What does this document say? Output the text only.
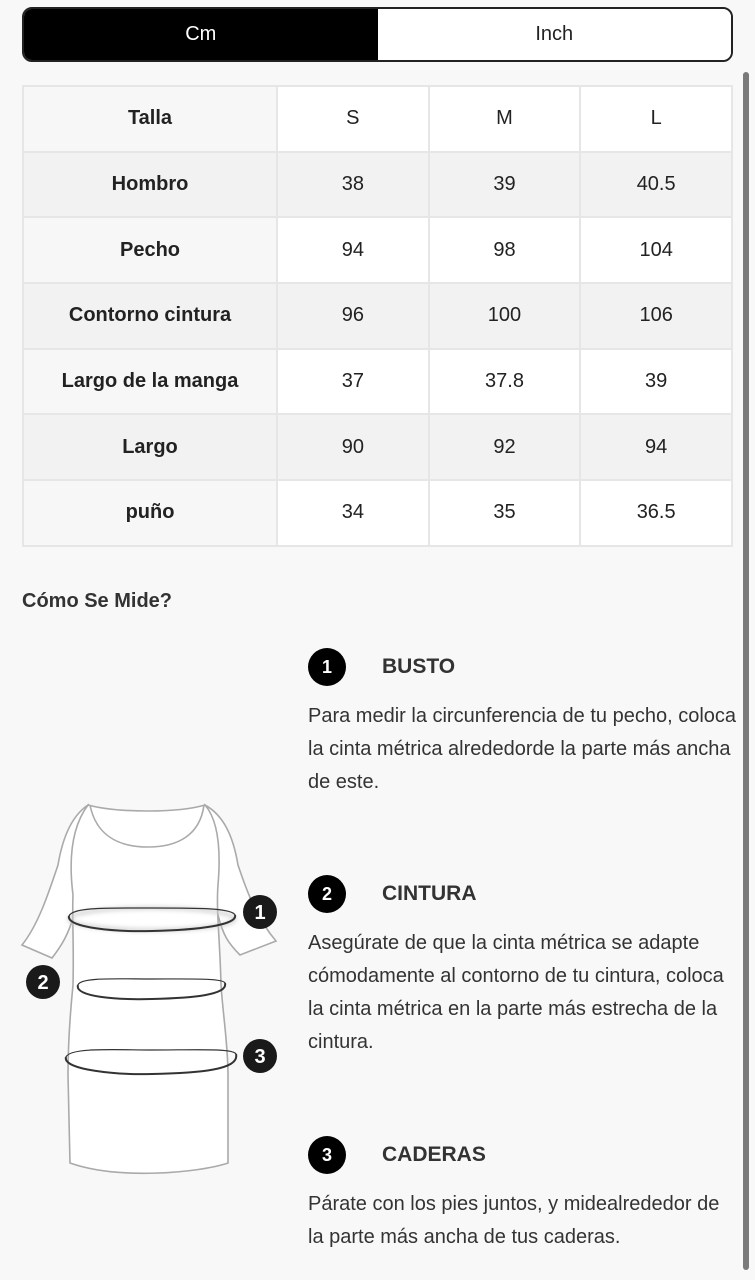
Cm	Inch
Talla	S	M	L
Hombro	38	39	40.5
Pecho	94	98	104
Contorno cintura	96	100	106
Largo de la manga	37	37.8	39
Largo	90	92	94
puño	34	35	36.5
Cómo Se Mide?
1
2
3
1	BUSTO
Para medir la circunferencia de tu pecho, coloca la cinta métrica alrededorde la parte más ancha de este.
2	CINTURA
Asegúrate de que la cinta métrica se adapte cómodamente al contorno de tu cintura, coloca la cinta métrica en la parte más estrecha de la cintura.
3	CADERAS
Párate con los pies juntos, y midealrededor de la parte más ancha de tus caderas.
